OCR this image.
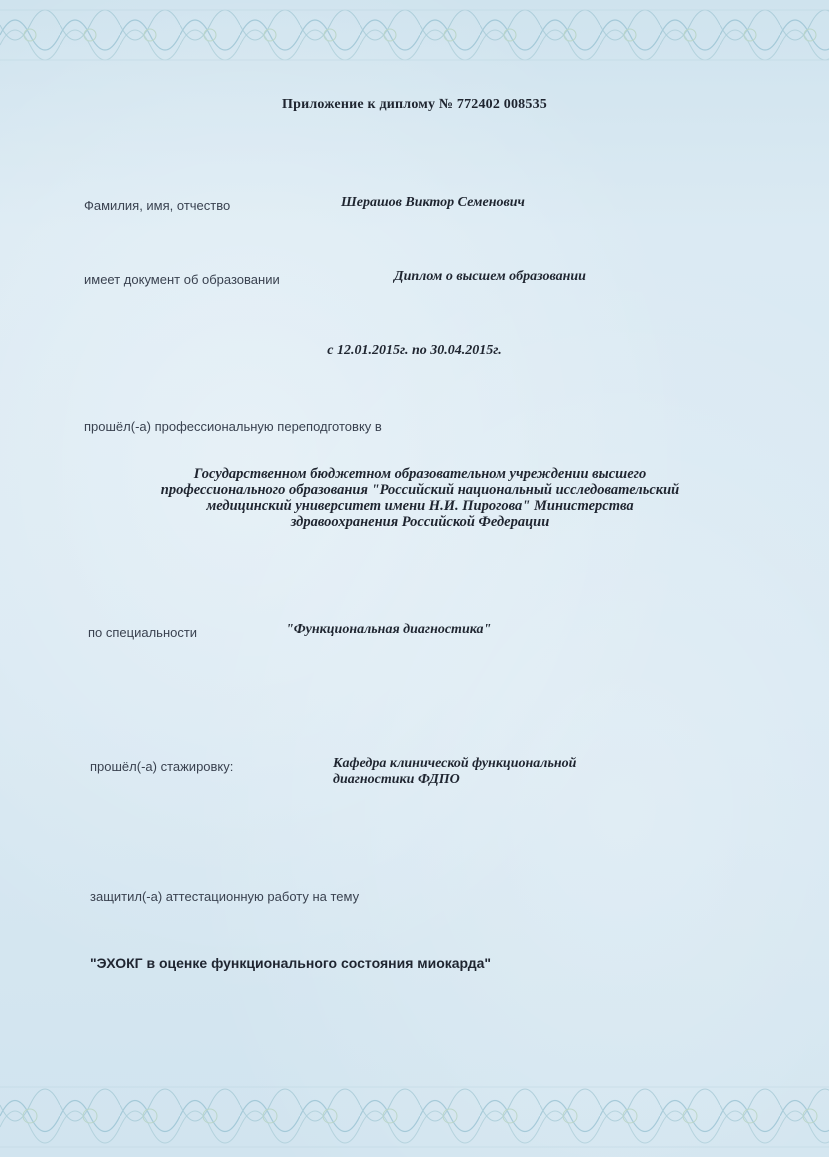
Приложение к диплому № 772402 008535
Фамилия, имя, отчество	Шерашов Виктор Семенович
имеет документ об образовании	Диплом о высшем образовании
с 12.01.2015г. по 30.04.2015г.
прошёл(-а) профессиональную переподготовку в
Государственном бюджетном образовательном учреждении высшего
профессионального образования "Российский национальный исследовательский
медицинский университет имени Н.И. Пирогова" Министерства
здравоохранения Российской Федерации
по специальности	"Функциональная диагностика"
прошёл(-а) стажировку:	Кафедра клинической функциональной
диагностики ФДПО
защитил(-а) аттестационную работу на тему
"ЭХОКГ в оценке функционального состояния миокарда"
